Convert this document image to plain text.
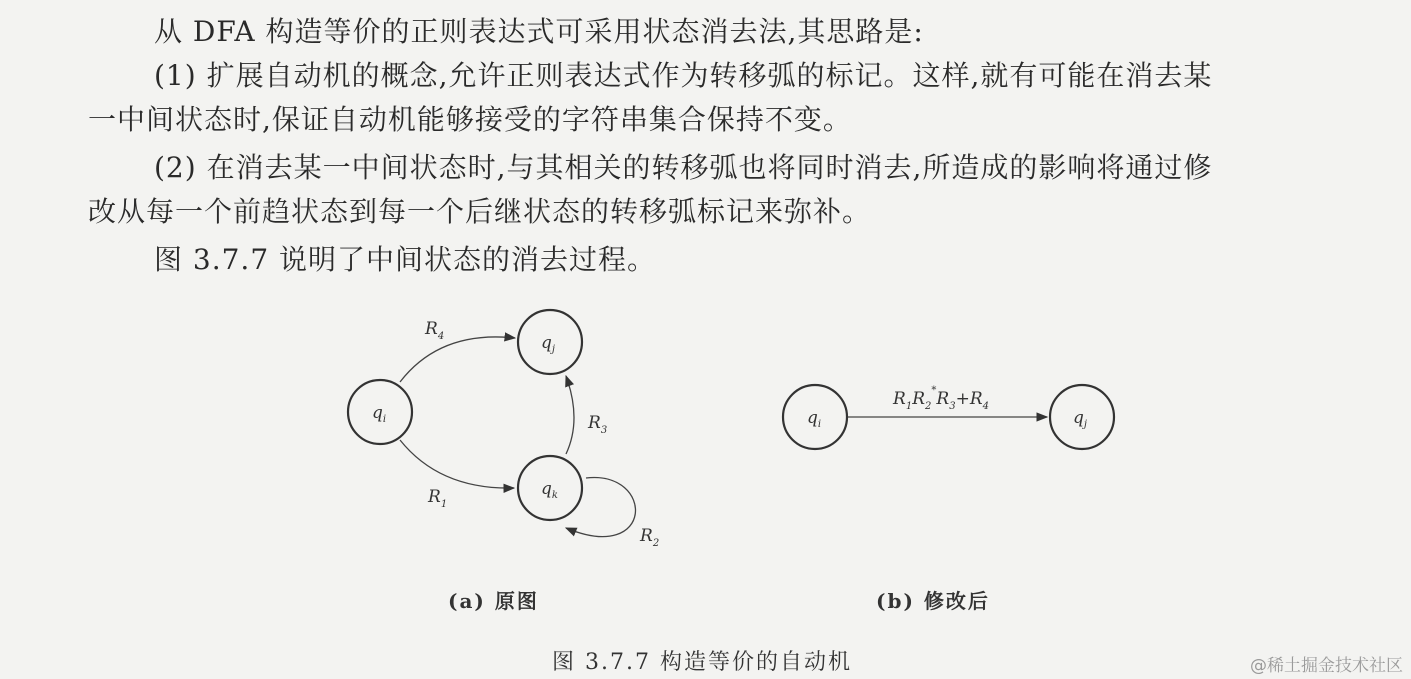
从 DFA 构造等价的正则表达式可采用状态消去法,其思路是:

(1) 扩展自动机的概念,允许正则表达式作为转移弧的标记。这样,就有可能在消去某
一中间状态时,保证自动机能够接受的字符串集合保持不变。

(2) 在消去某一中间状态时,与其相关的转移弧也将同时消去,所造成的影响将通过修
改从每一个前趋状态到每一个后继状态的转移弧标记来弥补。

图 3.7.7 说明了中间状态的消去过程。

$q_i$
$q_j$
$q_k$
$R_4$
$R_1$
$R_3$
$R_2$
$q_i$	$q_j$
$R_1R_2^*R_3+R_4$
(a) 原图	(b) 修改后
图 3.7.7 构造等价的自动机	@稀土掘金技术社区
